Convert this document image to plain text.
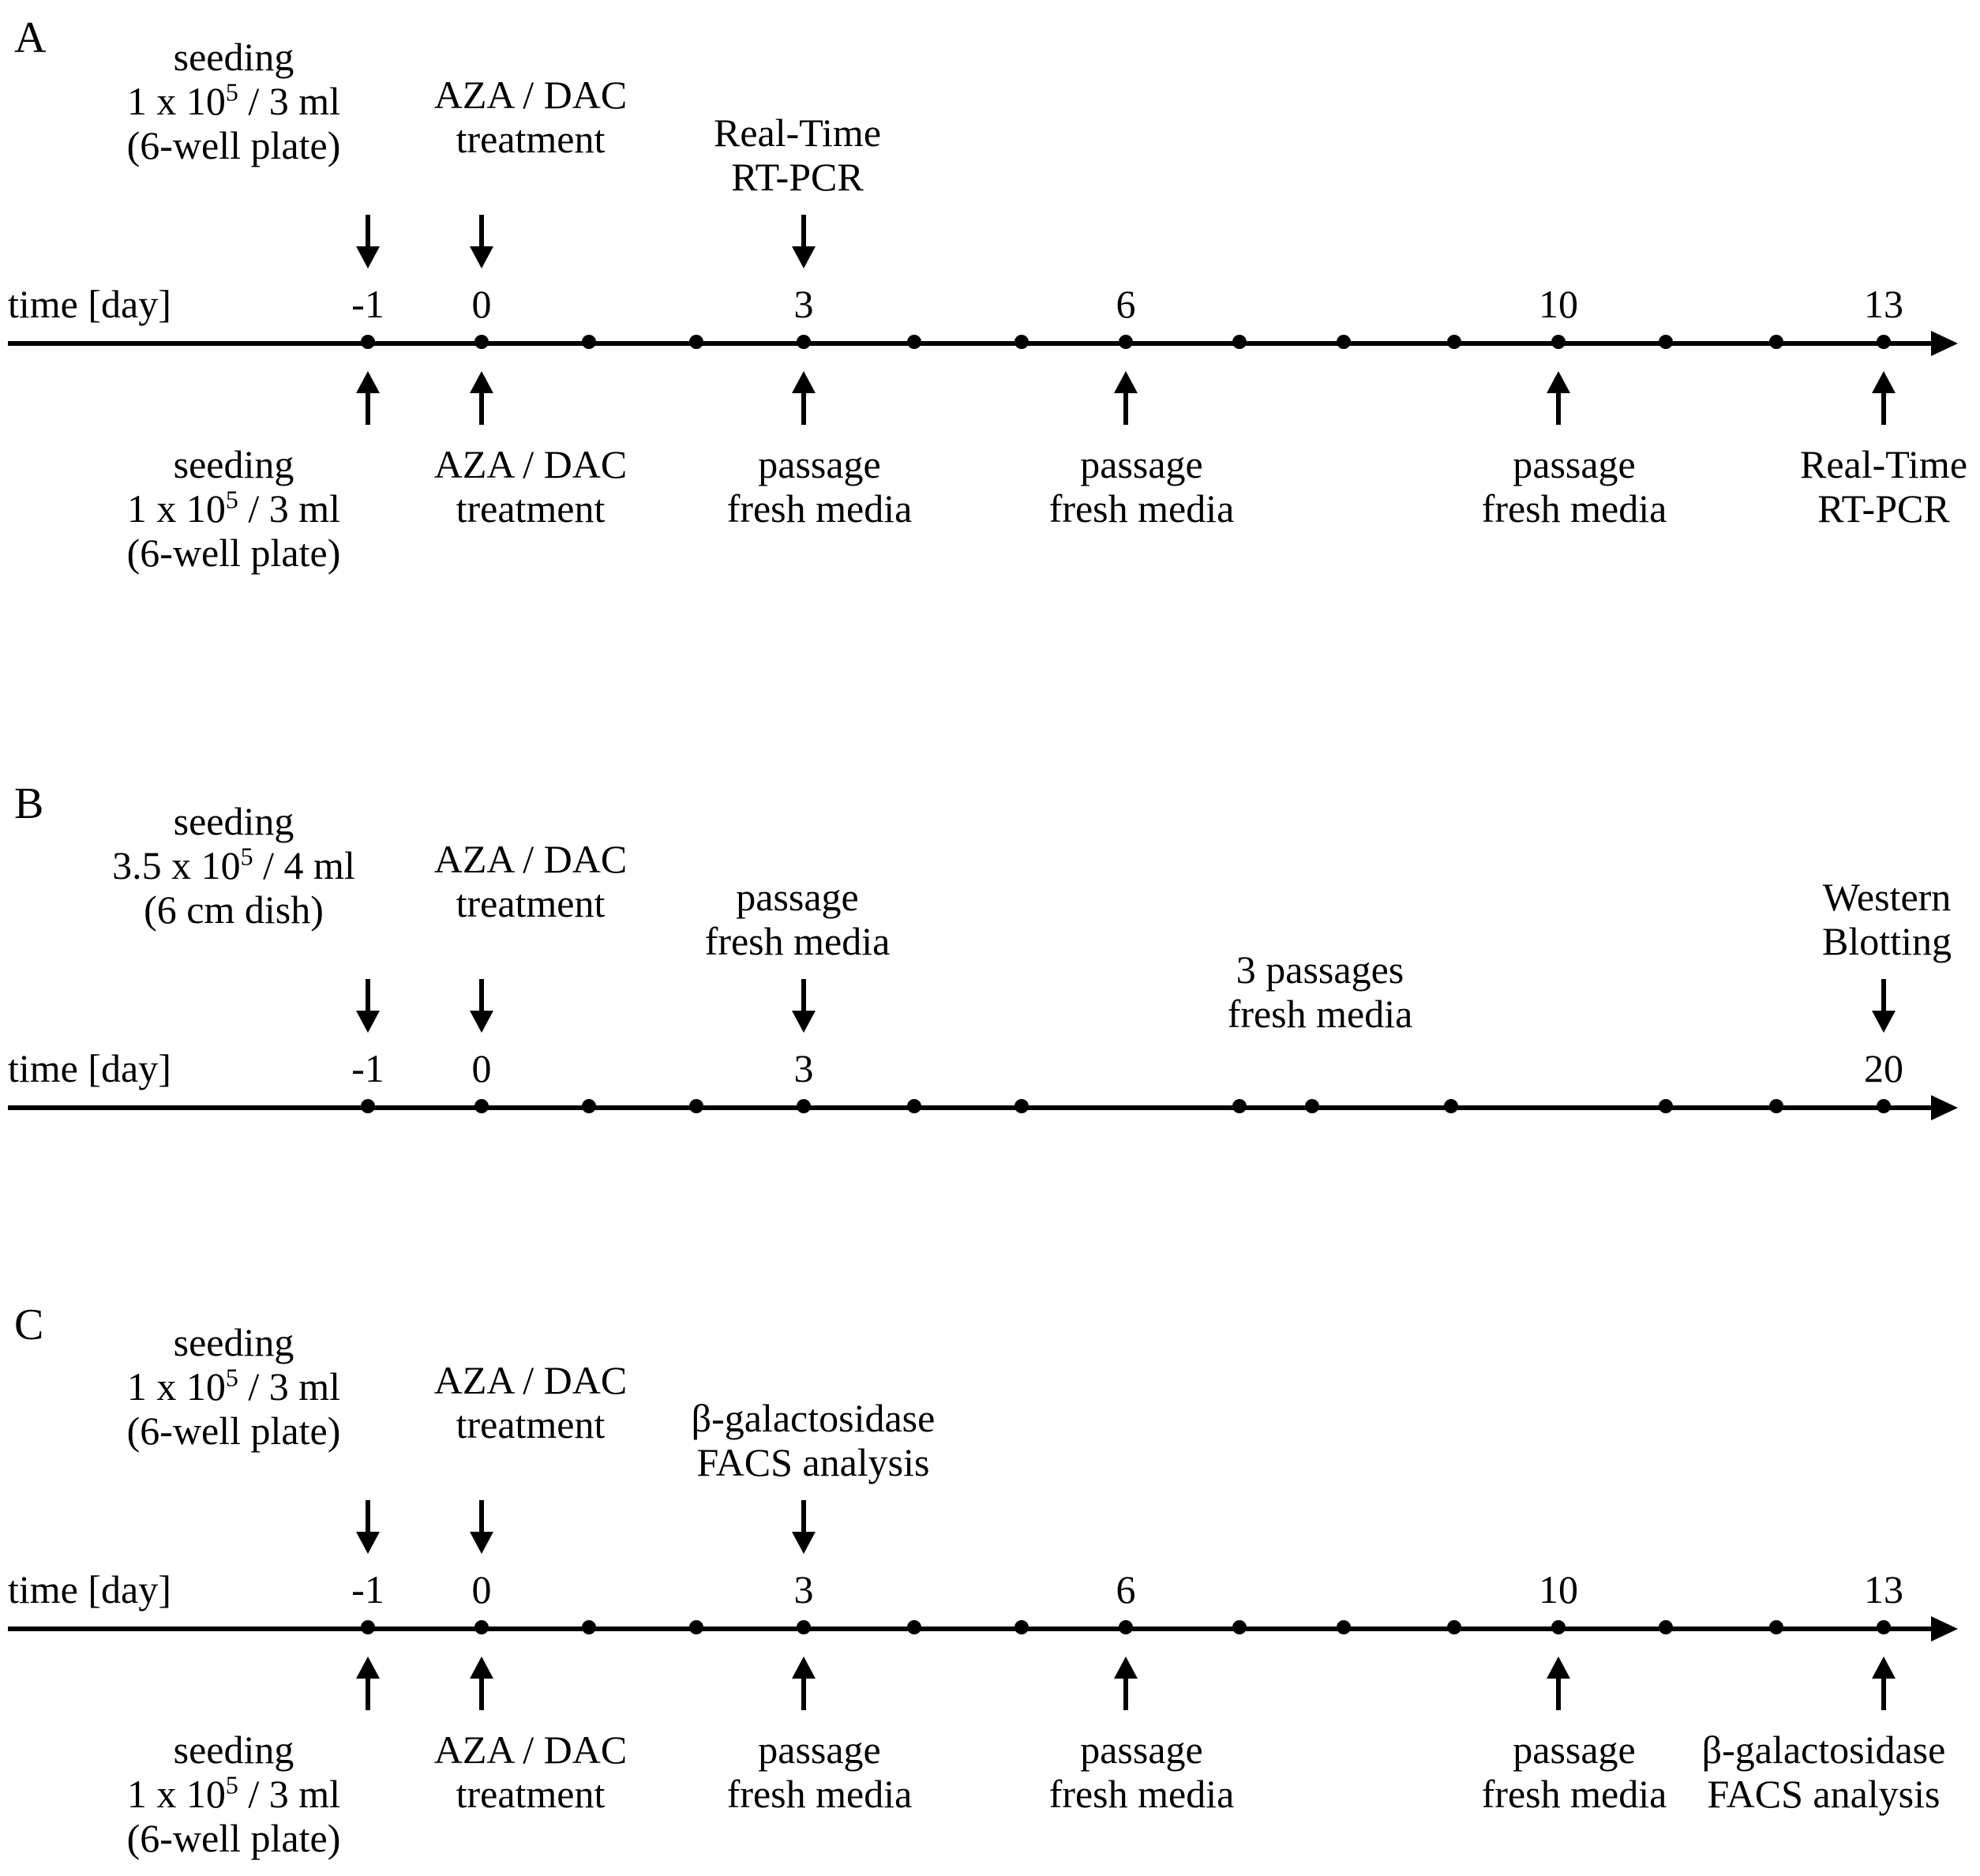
A
time [day]	-1 0	3	6	10	13
seeding
1 x $10^5 / 3$ ml
(6-well plate)
AZA / DAC
treatment	Real-Time
RT-PCR
seeding
1 x $10^5 / 3$ ml
(6-well plate)
AZA / DAC
treatment
passage
fresh media
passage
fresh media
passage
fresh media
Real-Time
RT-PCR
B
time [day]	-1 0	3	20
seeding
3.5 x $10^5 / 4$ ml
(6 cm dish)
AZA / DAC
treatment	passage
fresh media
3 passages
fresh media
Western
Blotting
C
time [day]	-1 0	3	6	10	13
seeding
1 x $10^5 / 3$ ml
(6-well plate)
AZA / DAC
treatment	β-galactosidase
FACS analysis
seeding
1 x $10^5 / 3$ ml
(6-well plate)
AZA / DAC
treatment
passage
fresh media
passage
fresh media
passage
fresh media
β-galactosidase
FACS analysis
